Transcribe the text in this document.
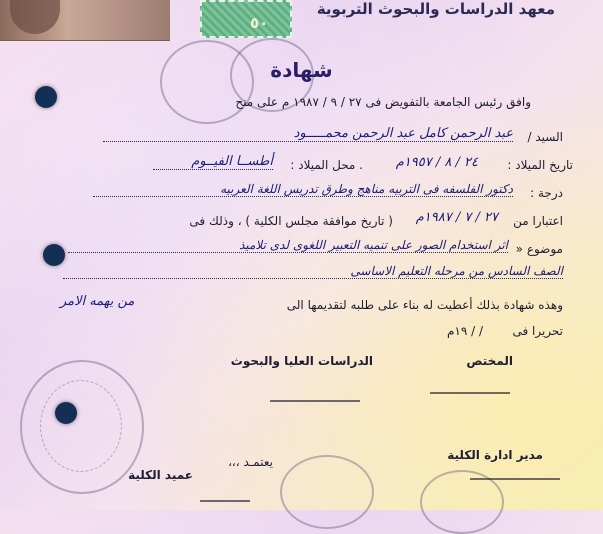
٥٠
معهد الدراسات والبحوث التربوية
شهادة
وافق رئيس الجامعة بالتفويض فى ٢٧ / ٩ / ١٩٨٧ م على منح
السيد /
عبد الرحمن كامل عبد الرحمن محمـــــود
تاريخ الميلاد :
٢٤ / ٨ / ١٩٥٧م
. محل الميلاد :
أطســا الفيــوم
درجة :
دكتور الفلسفه فى التربيه مناهج وطرق تدريس اللغة العربيه
اعتبارا من
٢٧ / ٧ / ١٩٨٧م
( تاريخ موافقة مجلس الكلية ) ، وذلك فى
موضوع «
اثر استخدام الصور على تنميه التعبير اللغوى لدى تلاميذ
الصف السادس من مرحله التعليم الاساسى
وهذه شهادة بذلك أعطيت له بناء على طلبه لتقديمها الى
من يهمه الامر
تحريرا فى
/ / ١٩م
المختص
الدراسات العليا والبحوث
مدير ادارة الكلية
يعتمـد ،،،
عميد الكلية
